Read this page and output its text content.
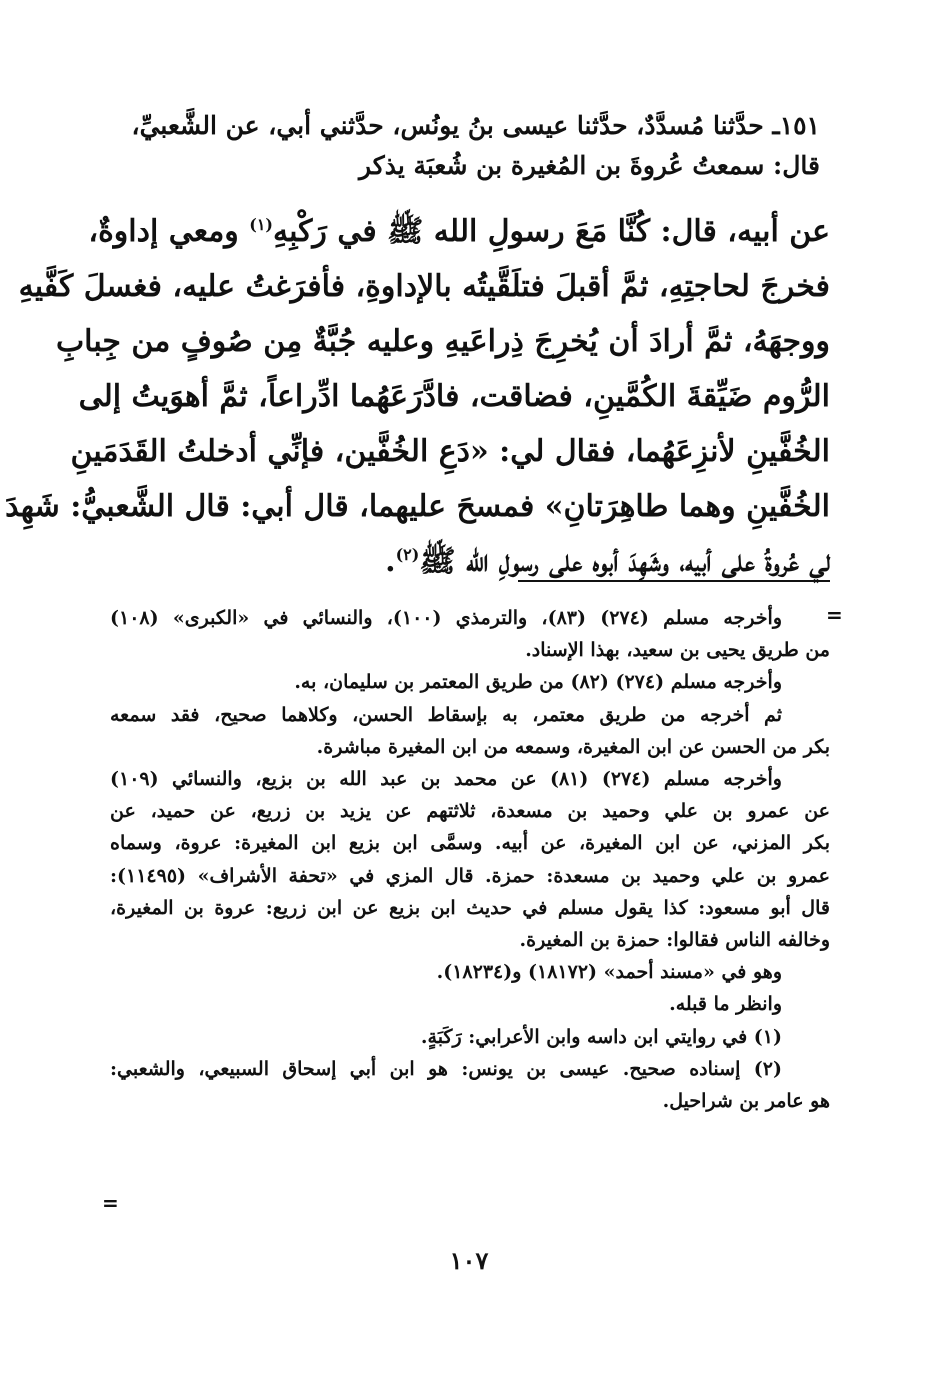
١٥١ـ حدَّثنا مُسدَّدٌ، حدَّثنا عيسى بنُ يونُس، حدَّثني أبي، عن الشَّعبيِّ،
قال: سمعتُ عُروةَ بن المُغيرة بن شُعبَة يذكر
عن أبيه، قال: كُنَّا مَعَ رسولِ الله ﷺ في رَكْبِهِ$^{(١)}$ ومعي إداوةٌ،
فخرجَ لحاجتِهِ، ثمَّ أقبلَ فتلَقَّيتُه بالإداوةِ، فأفرَغتُ عليه، فغسلَ كَفَّيهِ
ووجهَهُ، ثمَّ أرادَ أن يُخرِجَ ذِراعَيهِ وعليه جُبَّةٌ مِن صُوفٍ من جِبابِ
الرُّوم ضَيِّقةَ الكُمَّينِ، فضاقت، فادَّرَعَهُما ادِّراعاً، ثمَّ أهوَيتُ إلى
الخُفَّينِ لأنزِعَهُما، فقال لي: «دَعِ الخُفَّين، فإنِّي أدخلتُ القَدَمَينِ
الخُفَّينِ وهما طاهِرَتانِ» فمسحَ عليهما، قال أبي: قال الشَّعبيُّ: شَهِدَ
لي عُروةُ على أبيه، وشَهِدَ أبوه على رسولِ الله ﷺ$^{(٢)}$.
=
وأخرجه مسلم (٢٧٤) (٨٣)، والترمذي (١٠٠)، والنسائي في «الكبرى» (١٠٨)
من طريق يحيى بن سعيد، بهذا الإسناد.
وأخرجه مسلم (٢٧٤) (٨٢) من طريق المعتمر بن سليمان، به.
ثم أخرجه من طريق معتمر، به بإسقاط الحسن، وكلاهما صحيح، فقد سمعه
بكر من الحسن عن ابن المغيرة، وسمعه من ابن المغيرة مباشرة.
وأخرجه مسلم (٢٧٤) (٨١) عن محمد بن عبد الله بن بزيع، والنسائي (١٠٩)
عن عمرو بن علي وحميد بن مسعدة، ثلاثتهم عن يزيد بن زريع، عن حميد، عن
بكر المزني، عن ابن المغيرة، عن أبيه. وسمَّى ابن بزيع ابن المغيرة: عروة، وسماه
عمرو بن علي وحميد بن مسعدة: حمزة. قال المزي في «تحفة الأشراف» (١١٤٩٥):
قال أبو مسعود: كذا يقول مسلم في حديث ابن بزيع عن ابن زريع: عروة بن المغيرة،
وخالفه الناس فقالوا: حمزة بن المغيرة.
وهو في «مسند أحمد» (١٨١٧٢) و(١٨٢٣٤).
وانظر ما قبله.
(١) في روايتي ابن داسه وابن الأعرابي: رَكَبَةٍ.
(٢) إسناده صحيح. عيسى بن يونس: هو ابن أبي إسحاق السبيعي، والشعبي:
هو عامر بن شراحيل.
=
١٠٧
